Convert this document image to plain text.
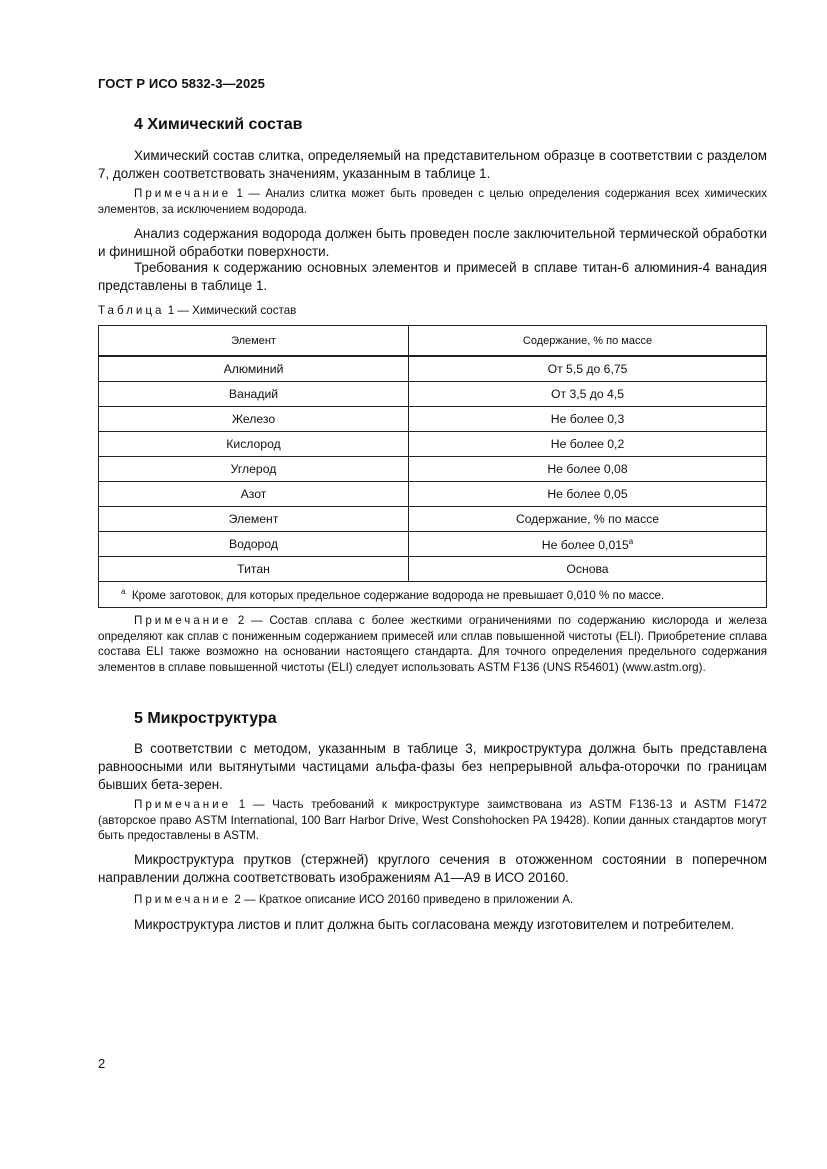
ГОСТ Р ИСО 5832-3—2025
4 Химический состав
Химический состав слитка, определяемый на представительном образце в соответствии с разделом 7, должен соответствовать значениям, указанным в таблице 1.
Примечание 1 — Анализ слитка может быть проведен с целью определения содержания всех химических элементов, за исключением водорода.
Анализ содержания водорода должен быть проведен после заключительной термической обработки и финишной обработки поверхности.
Требования к содержанию основных элементов и примесей в сплаве титан-6 алюминия-4 ванадия представлены в таблице 1.
Таблица 1 — Химический состав
Элемент	Содержание, % по массе
Алюминий	От 5,5 до 6,75
Ванадий	От 3,5 до 4,5
Железо	Не более 0,3
Кислород	Не более 0,2
Углерод	Не более 0,08
Азот	Не более 0,05
Элемент	Содержание, % по массе
Водород	Не более 0,015$^a$
Титан	Основа
$^a$ Кроме заготовок, для которых предельное содержание водорода не превышает 0,010 % по массе.	
Примечание 2 — Состав сплава с более жесткими ограничениями по содержанию кислорода и железа определяют как сплав с пониженным содержанием примесей или сплав повышенной чистоты (ELI). Приобретение сплава состава ELI также возможно на основании настоящего стандарта. Для точного определения предельного содержания элементов в сплаве повышенной чистоты (ELI) следует использовать ASTM F136 (UNS R54601) (www.astm.org).
5 Микроструктура
В соответствии с методом, указанным в таблице 3, микроструктура должна быть представлена равноосными или вытянутыми частицами альфа-фазы без непрерывной альфа-оторочки по границам бывших бета-зерен.
Примечание 1 — Часть требований к микроструктуре заимствована из ASTM F136-13 и ASTM F1472 (авторское право ASTM International, 100 Barr Harbor Drive, West Conshohocken PA 19428). Копии данных стандартов могут быть предоставлены в ASTM.
Микроструктура прутков (стержней) круглого сечения в отожженном состоянии в поперечном направлении должна соответствовать изображениям А1—А9 в ИСО 20160.
Примечание 2 — Краткое описание ИСО 20160 приведено в приложении А.
Микроструктура листов и плит должна быть согласована между изготовителем и потребителем.
2
